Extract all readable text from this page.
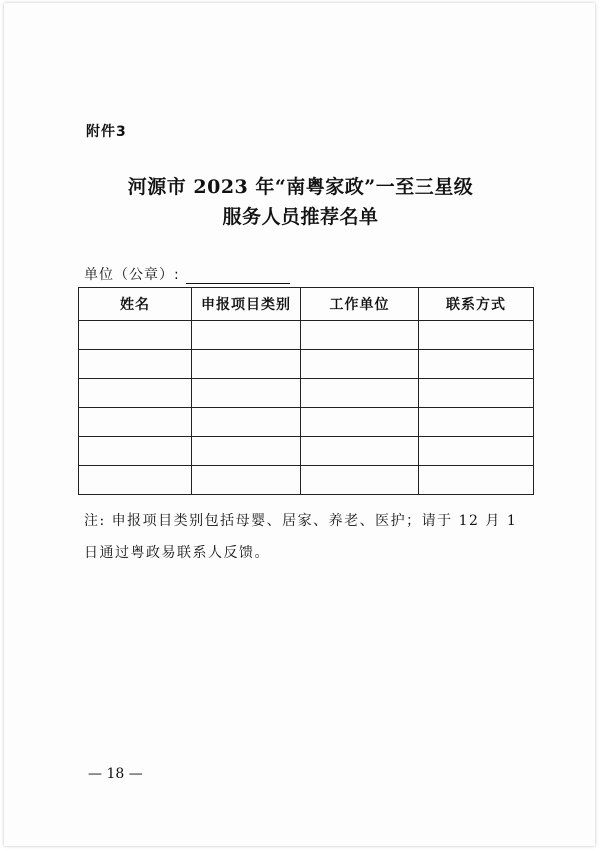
附件3
河源市 2023 年“南粤家政”一至三星级
服务人员推荐名单
单位（公章）:
姓名	申报项目类别	工作单位	联系方式

注: 申报项目类别包括母婴、居家、养老、医护；请于 12 月 1
日通过粤政易联系人反馈。
— 18 —
